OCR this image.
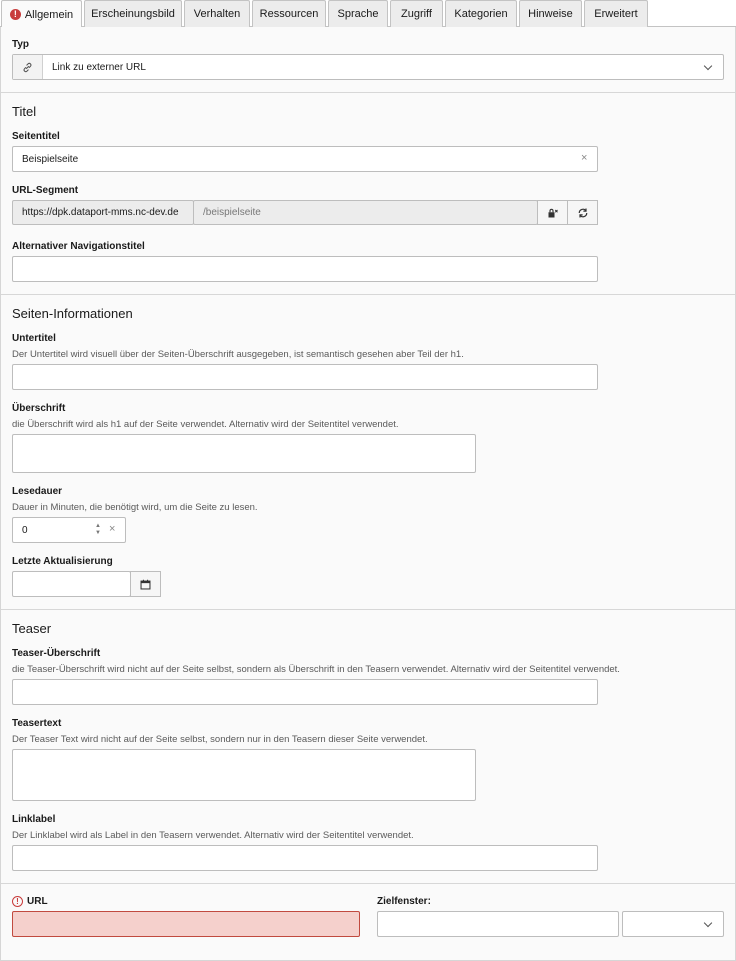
! Allgemein Erscheinungsbild Verhalten Ressourcen Sprache Zugriff Kategorien Hinweise Erweitert
Typ
Link zu externer URL
Titel
Seitentitel
Beispielseite	×
URL-Segment
https://dpk.dataport-mms.nc-dev.de /beispielseite
Alternativer Navigationstitel
Seiten-Informationen
Untertitel
Der Untertitel wird visuell über der Seiten-Überschrift ausgegeben, ist semantisch gesehen aber Teil der h1.
Überschrift
die Überschrift wird als h1 auf der Seite verwendet. Alternativ wird der Seitentitel verwendet.
Lesedauer
Dauer in Minuten, die benötigt wird, um die Seite zu lesen.
0	▲
▼ ×
Letzte Aktualisierung
Teaser
Teaser-Überschrift
die Teaser-Überschrift wird nicht auf der Seite selbst, sondern als Überschrift in den Teasern verwendet. Alternativ wird der Seitentitel verwendet.
Teasertext
Der Teaser Text wird nicht auf der Seite selbst, sondern nur in den Teasern dieser Seite verwendet.
Linklabel
Der Linklabel wird als Label in den Teasern verwendet. Alternativ wird der Seitentitel verwendet.
! URL	Zielfenster:
